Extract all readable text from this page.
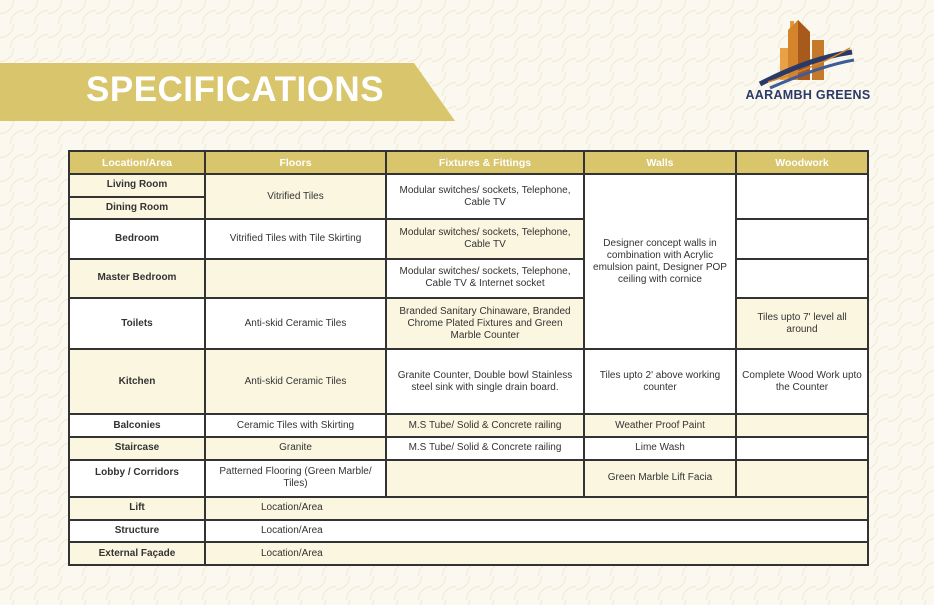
SPECIFICATIONS	AARAMBH GREENS
Location/Area	Floors	Fixtures & Fittings	Walls	Woodwork	
Living Room	Vitrified Tiles	Modular switches/ sockets, Telephone, Cable TV	Designer concept walls in combination with Acrylic emulsion paint, Designer POP ceiling with cornice		
Dining Room					
Bedroom	Vitrified Tiles with Tile Skirting	Modular switches/ sockets, Telephone, Cable TV			
Master Bedroom		Modular switches/ sockets, Telephone, Cable TV & Internet socket			
Toilets	Anti-skid Ceramic Tiles	Branded Sanitary Chinaware, Branded Chrome Plated Fixtures and Green Marble Counter		Tiles upto 7' level all around	
Kitchen	Anti-skid Ceramic Tiles	Granite Counter, Double bowl Stainless steel sink with single drain board.	Tiles upto 2' above working counter	Complete Wood Work upto the Counter	
Balconies	Ceramic Tiles with Skirting	M.S Tube/ Solid & Concrete railing	Weather Proof Paint		
Staircase	Granite	M.S Tube/ Solid & Concrete railing	Lime Wash		
Lobby / Corridors	Patterned Flooring (Green Marble/ Tiles)		Green Marble Lift Facia		
Lift	Location/Area				
Structure	Location/Area				
External Façade	Location/Area				
